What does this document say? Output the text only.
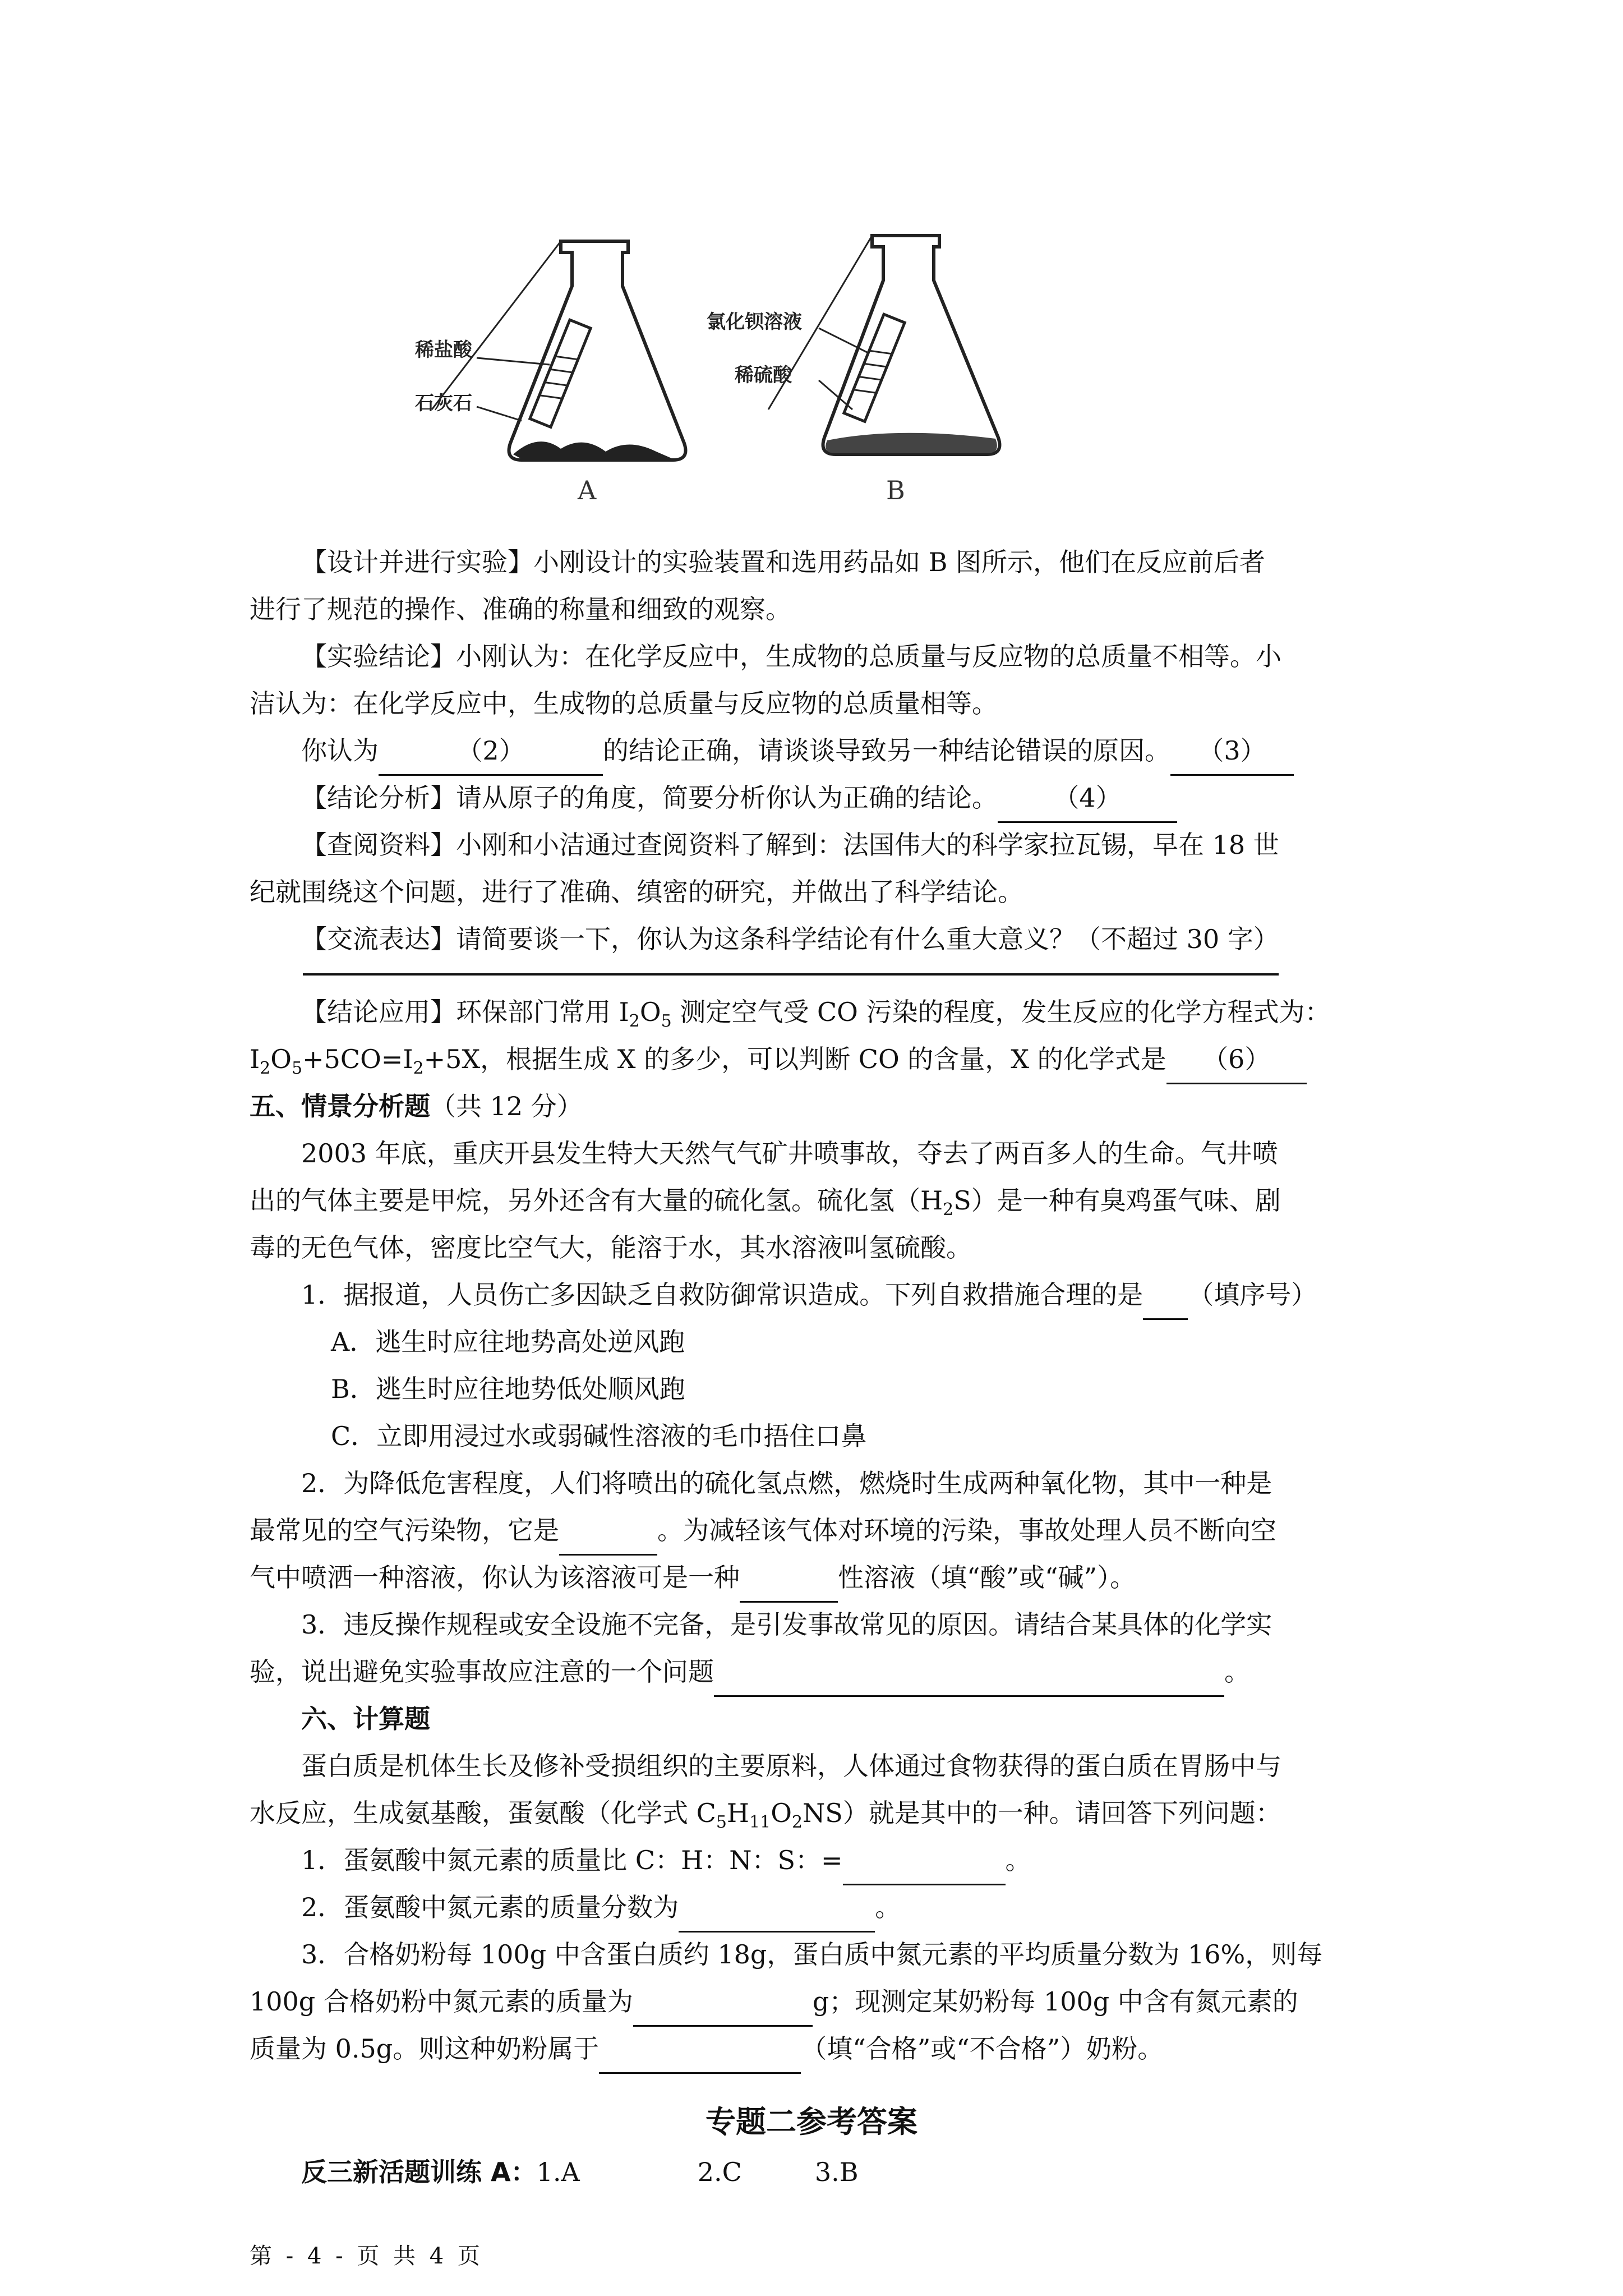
稀盐酸
石灰石
A
氯化钡溶液
稀硫酸
B
【设计并进行实验】小刚设计的实验装置和选用药品如 B 图所示，他们在反应前后者
进行了规范的操作、准确的称量和细致的观察。
【实验结论】小刚认为：在化学反应中，生成物的总质量与反应物的总质量不相等。小
洁认为：在化学反应中，生成物的总质量与反应物的总质量相等。
你认为	（2）	的结论正确，请谈谈导致另一种结论错误的原因。 （3）
【结论分析】请从原子的角度，简要分析你认为正确的结论。 （4）
【查阅资料】小刚和小洁通过查阅资料了解到：法国伟大的科学家拉瓦锡，早在 18 世
纪就围绕这个问题，进行了准确、缜密的研究，并做出了科学结论。
【交流表达】请简要谈一下，你认为这条科学结论有什么重大意义？（不超过 30 字）
【结论应用】环保部门常用 $I_2O_5$ 测定空气受 CO 污染的程度，发生反应的化学方程式为：
$I_2O_5+5CO=I_2+5X$，根据生成 X 的多少，可以判断 CO 的含量，X 的化学式是 （6）
五、情景分析题（共 12 分）
2003 年底，重庆开县发生特大天然气气矿井喷事故，夺去了两百多人的生命。气井喷
出的气体主要是甲烷，另外还含有大量的硫化氢。硫化氢$(H_2S)$是一种有臭鸡蛋气味、剧
毒的无色气体，密度比空气大，能溶于水，其水溶液叫氢硫酸。
1．据报道，人员伤亡多因缺乏自救防御常识造成。下列自救措施合理的是 （填序号）
A．逃生时应往地势高处逆风跑
B．逃生时应往地势低处顺风跑
C．立即用浸过水或弱碱性溶液的毛巾捂住口鼻
2．为降低危害程度，人们将喷出的硫化氢点燃，燃烧时生成两种氧化物，其中一种是
最常见的空气污染物，它是	。为减轻该气体对环境的污染，事故处理人员不断向空
气中喷洒一种溶液，你认为该溶液可是一种	性溶液（填“酸”或“碱”）。
3．违反操作规程或安全设施不完备，是引发事故常见的原因。请结合某具体的化学实
验，说出避免实验事故应注意的一个问题	。
六、计算题
蛋白质是机体生长及修补受损组织的主要原料，人体通过食物获得的蛋白质在胃肠中与
水反应，生成氨基酸，蛋氨酸（化学式 $C_5H_{11}O_2NS$）就是其中的一种。请回答下列问题：
1．蛋氨酸中氮元素的质量比 C：H：N：S：=	。
2．蛋氨酸中氮元素的质量分数为	。
3．合格奶粉每 100g 中含蛋白质约 18g，蛋白质中氮元素的平均质量分数为 16%，则每
100g 合格奶粉中氮元素的质量为	g；现测定某奶粉每 100g 中含有氮元素的
质量为 0.5g。则这种奶粉属于	（填“合格”或“不合格”）奶粉。
专题二参考答案
反三新活题训练 A：1.A	2.C	3.B
第 - 4 - 页 共 4 页
